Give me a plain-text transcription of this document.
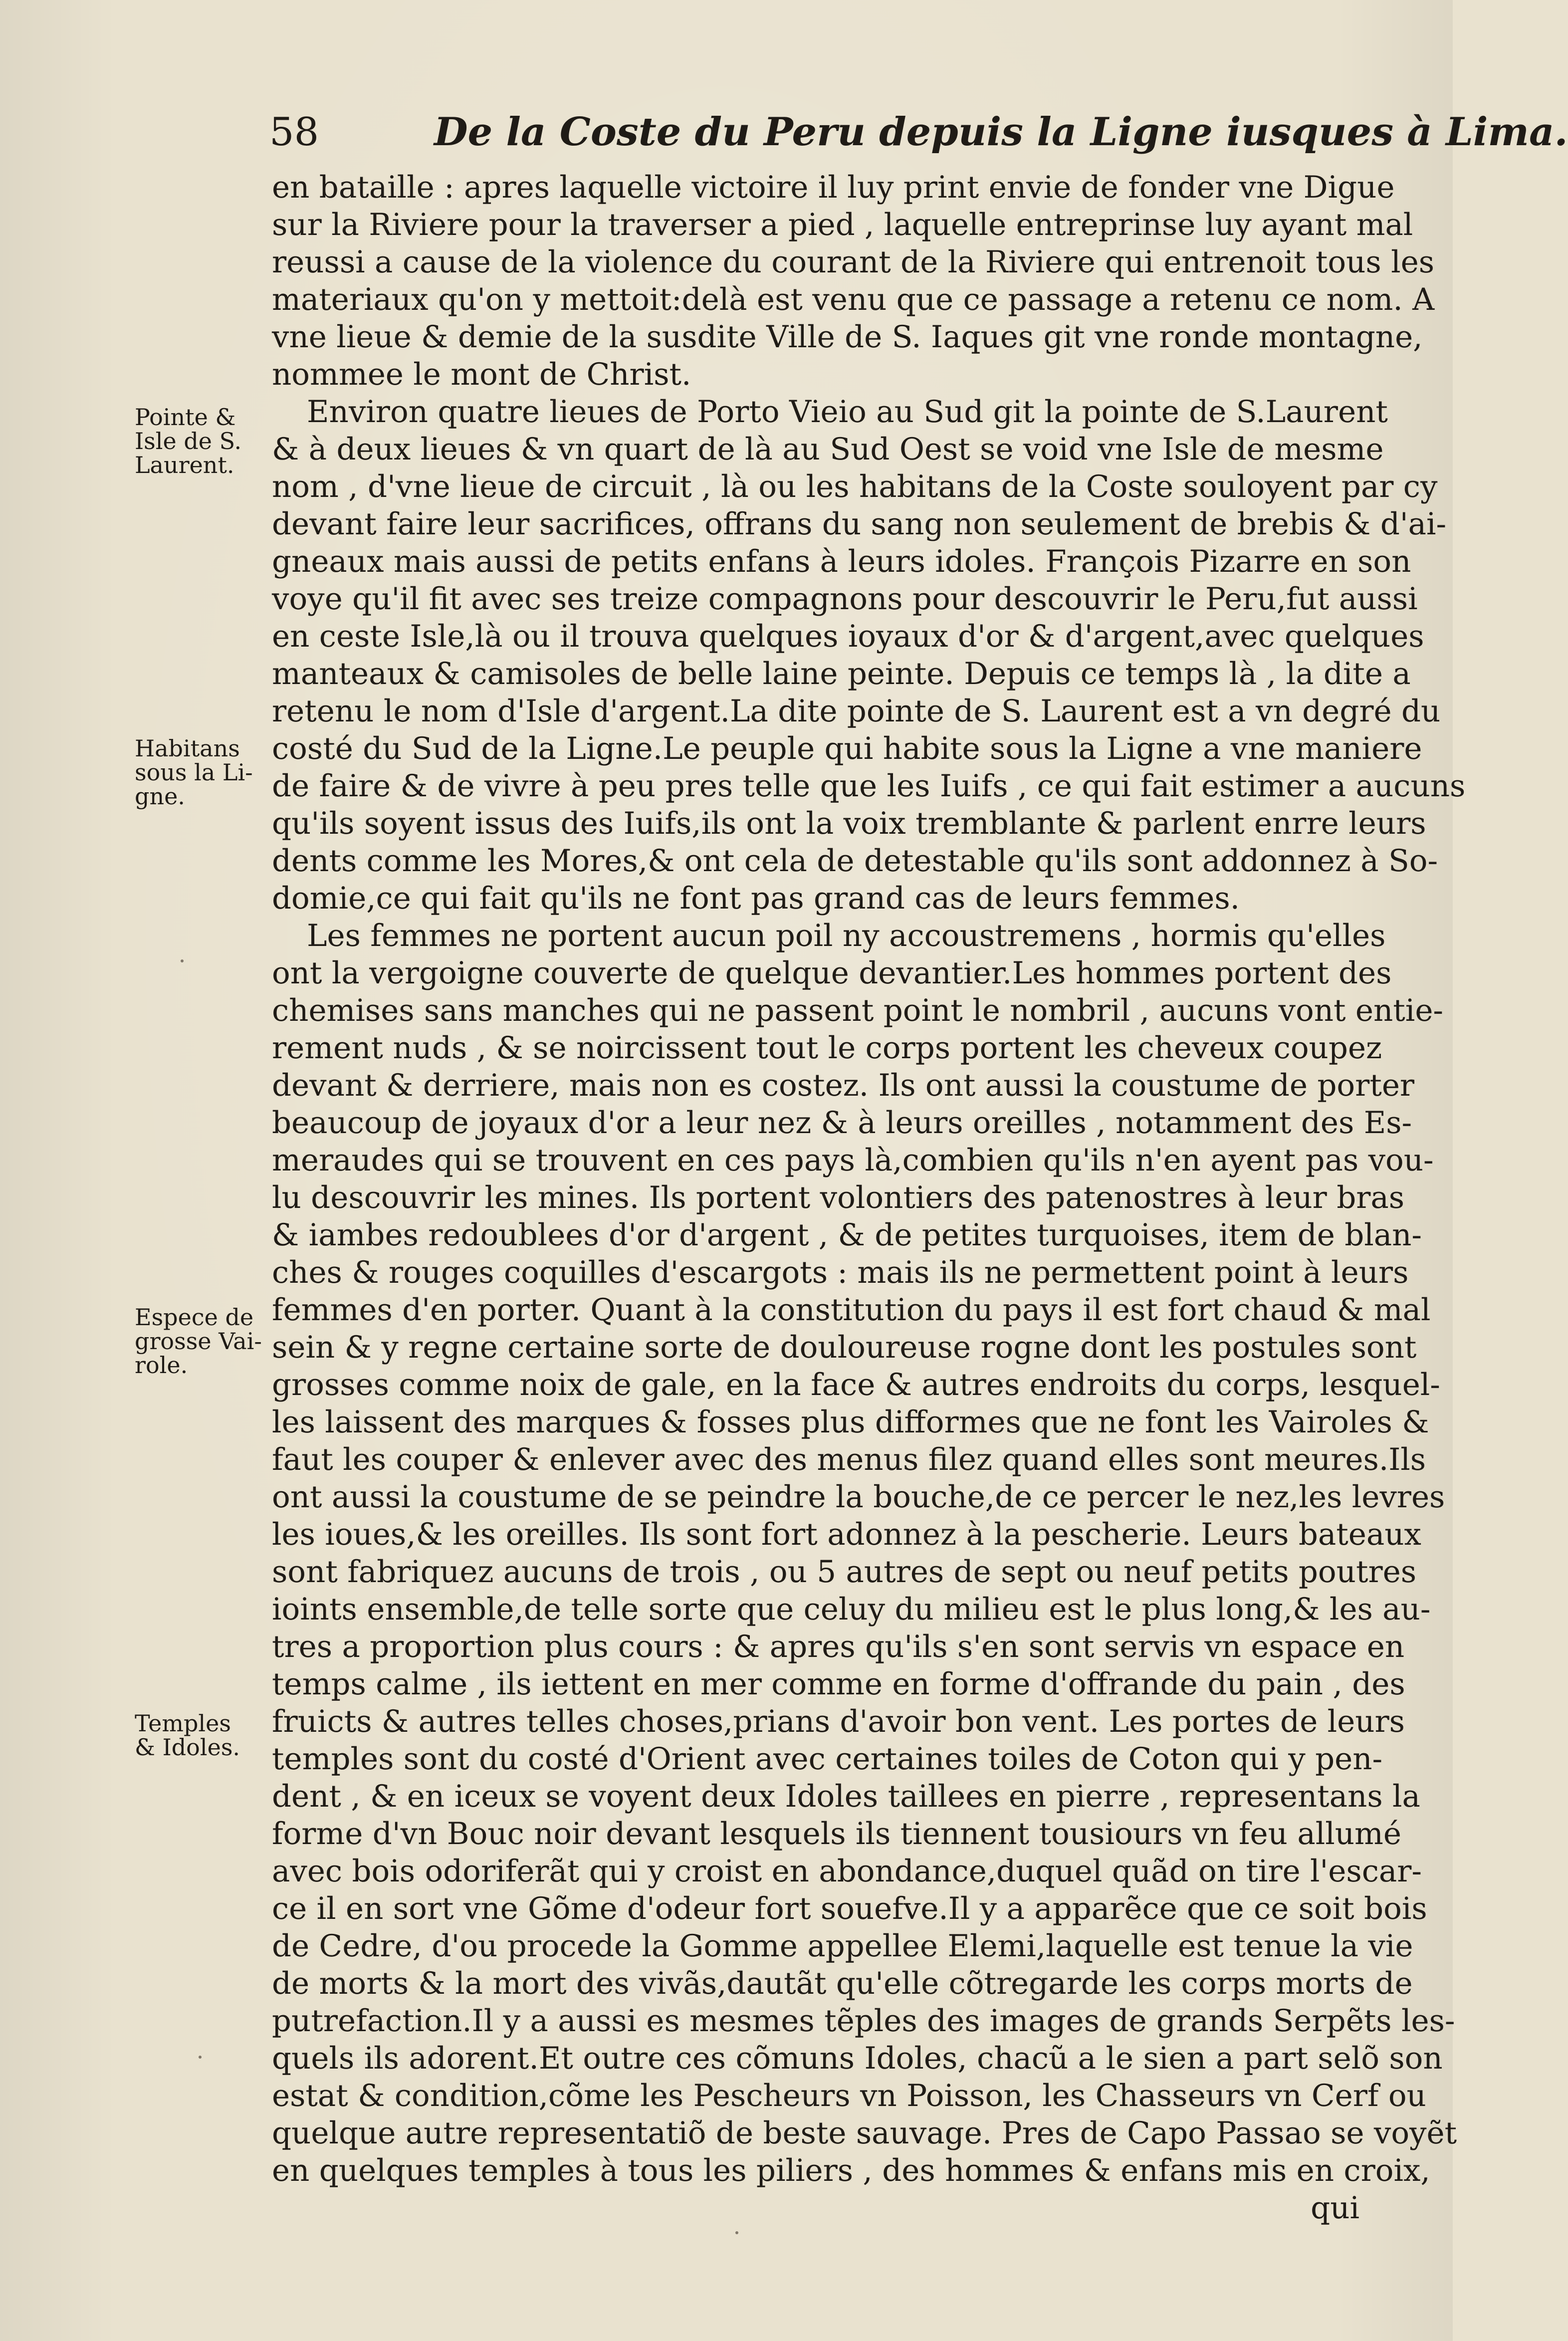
58	De la Coste du Peru depuis la Ligne iusques à Lima.
Pointe &
Isle de S.
Laurent.
Habitans
sous la Li-
gne.
Espece de
grosse Vai-
role.
Temples
& Idoles.
en bataille : apres laquelle victoire il luy print envie de fonder vne Digue
sur la Riviere pour la traverser a pied , laquelle entreprinse luy ayant mal
reussi a cause de la violence du courant de la Riviere qui entrenoit tous les
materiaux qu'on y mettoit:delà est venu que ce passage a retenu ce nom. A
vne lieue & demie de la susdite Ville de S. Iaques git vne ronde montagne,
nommee le mont de Christ.
Environ quatre lieues de Porto Vieio au Sud git la pointe de S.Laurent
& à deux lieues & vn quart de là au Sud Oest se void vne Isle de mesme
nom , d'vne lieue de circuit , là ou les habitans de la Coste souloyent par cy
devant faire leur sacrifices, offrans du sang non seulement de brebis & d'ai-
gneaux mais aussi de petits enfans à leurs idoles. François Pizarre en son
voye qu'il fit avec ses treize compagnons pour descouvrir le Peru,fut aussi
en ceste Isle,là ou il trouva quelques ioyaux d'or & d'argent,avec quelques
manteaux & camisoles de belle laine peinte. Depuis ce temps là , la dite a
retenu le nom d'Isle d'argent.La dite pointe de S. Laurent est a vn degré du
costé du Sud de la Ligne.Le peuple qui habite sous la Ligne a vne maniere
de faire & de vivre à peu pres telle que les Iuifs , ce qui fait estimer a aucuns
qu'ils soyent issus des Iuifs,ils ont la voix tremblante & parlent enrre leurs
dents comme les Mores,& ont cela de detestable qu'ils sont addonnez à So-
domie,ce qui fait qu'ils ne font pas grand cas de leurs femmes.
Les femmes ne portent aucun poil ny accoustremens , hormis qu'elles
ont la vergoigne couverte de quelque devantier.Les hommes portent des
chemises sans manches qui ne passent point le nombril , aucuns vont entie-
rement nuds , & se noircissent tout le corps portent les cheveux coupez
devant & derriere, mais non es costez. Ils ont aussi la coustume de porter
beaucoup de joyaux d'or a leur nez & à leurs oreilles , notamment des Es-
meraudes qui se trouvent en ces pays là,combien qu'ils n'en ayent pas vou-
lu descouvrir les mines. Ils portent volontiers des patenostres à leur bras
& iambes redoublees d'or d'argent , & de petites turquoises, item de blan-
ches & rouges coquilles d'escargots : mais ils ne permettent point à leurs
femmes d'en porter. Quant à la constitution du pays il est fort chaud & mal
sein & y regne certaine sorte de douloureuse rogne dont les postules sont
grosses comme noix de gale, en la face & autres endroits du corps, lesquel-
les laissent des marques & fosses plus difformes que ne font les Vairoles &
faut les couper & enlever avec des menus filez quand elles sont meures.Ils
ont aussi la coustume de se peindre la bouche,de ce percer le nez,les levres
les ioues,& les oreilles. Ils sont fort adonnez à la pescherie. Leurs bateaux
sont fabriquez aucuns de trois , ou 5 autres de sept ou neuf petits poutres
ioints ensemble,de telle sorte que celuy du milieu est le plus long,& les au-
tres a proportion plus cours : & apres qu'ils s'en sont servis vn espace en
temps calme , ils iettent en mer comme en forme d'offrande du pain , des
fruicts & autres telles choses,prians d'avoir bon vent. Les portes de leurs
temples sont du costé d'Orient avec certaines toiles de Coton qui y pen-
dent , & en iceux se voyent deux Idoles taillees en pierre , representans la
forme d'vn Bouc noir devant lesquels ils tiennent tousiours vn feu allumé
avec bois odoriferãt qui y croist en abondance,duquel quãd on tire l'escar-
ce il en sort vne Gõme d'odeur fort souefve.Il y a apparẽce que ce soit bois
de Cedre, d'ou procede la Gomme appellee Elemi,laquelle est tenue la vie
de morts & la mort des vivãs,dautãt qu'elle cõtregarde les corps morts de
putrefaction.Il y a aussi es mesmes tẽples des images de grands Serpẽts les-
quels ils adorent.Et outre ces cõmuns Idoles, chacũ a le sien a part selõ son
estat & condition,cõme les Pescheurs vn Poisson, les Chasseurs vn Cerf ou
quelque autre representatiõ de beste sauvage. Pres de Capo Passao se voyẽt
en quelques temples à tous les piliers , des hommes & enfans mis en croix,
qui
